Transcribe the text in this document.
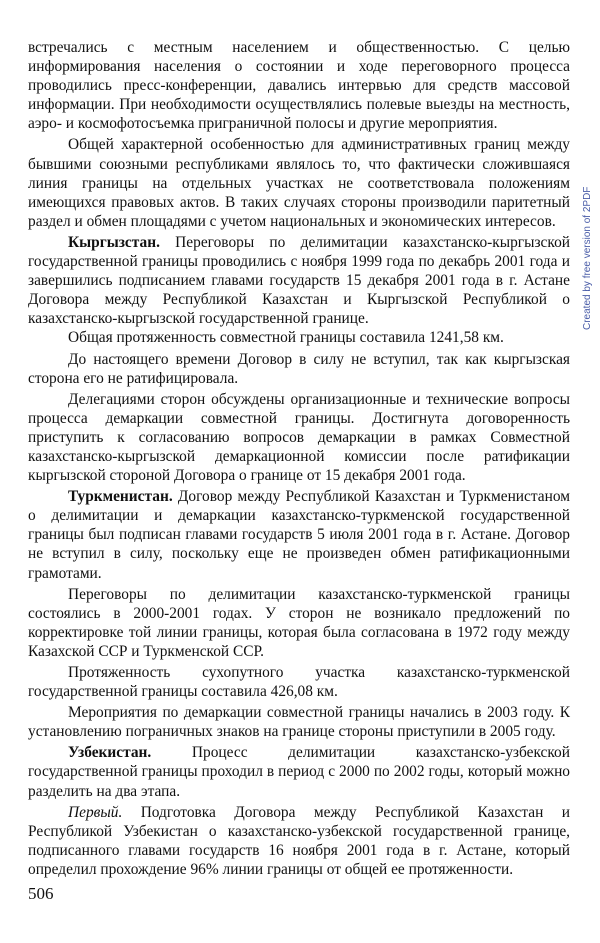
встречались с местным населением и общественностью. С целью информирования населения о состоянии и ходе переговорного процесса проводились пресс-конференции, давались интервью для средств массовой информации. При необходимости осуществлялись полевые выезды на местность, аэро- и космофотосъемка приграничной полосы и другие мероприятия.

Общей характерной особенностью для административных границ между бывшими союзными республиками являлось то, что фактически сложившаяся линия границы на отдельных участках не соответствовала положениям имеющихся правовых актов. В таких случаях стороны производили паритетный раздел и обмен площадями с учетом национальных и экономических интересов.

Кыргызстан. Переговоры по делимитации казахстанско-кыргызской государственной границы проводились с ноября 1999 года по декабрь 2001 года и завершились подписанием главами государств 15 декабря 2001 года в г. Астане Договора между Республикой Казахстан и Кыргызской Республикой о казахстанско-кыргызской государственной границе.

Общая протяженность совместной границы составила 1241,58 км.

До настоящего времени Договор в силу не вступил, так как кыргызская сторона его не ратифицировала.

Делегациями сторон обсуждены организационные и технические вопросы процесса демаркации совместной границы. Достигнута договоренность приступить к согласованию вопросов демаркации в рамках Совместной казахстанско-кыргызской демаркационной комиссии после ратификации кыргызской стороной Договора о границе от 15 декабря 2001 года.

Туркменистан. Договор между Республикой Казахстан и Туркменистаном о делимитации и демаркации казахстанско-туркменской государственной границы был подписан главами государств 5 июля 2001 года в г. Астане. Договор не вступил в силу, поскольку еще не произведен обмен ратификационными грамотами.

Переговоры по делимитации казахстанско-туркменской границы состоялись в 2000-2001 годах. У сторон не возникало предложений по корректировке той линии границы, которая была согласована в 1972 году между Казахской ССР и Туркменской ССР.

Протяженность сухопутного участка казахстанско-туркменской государственной границы составила 426,08 км.

Мероприятия по демаркации совместной границы начались в 2003 году. К установлению пограничных знаков на границе стороны приступили в 2005 году.

Узбекистан. Процесс делимитации казахстанско-узбекской государственной границы проходил в период с 2000 по 2002 годы, который можно разделить на два этапа.

Первый. Подготовка Договора между Республикой Казахстан и Республикой Узбекистан о казахстанско-узбекской государственной границе, подписанного главами государств 16 ноября 2001 года в г. Астане, который определил прохождение 96% линии границы от общей ее протяженности.

506
Created by free version of 2PDF
